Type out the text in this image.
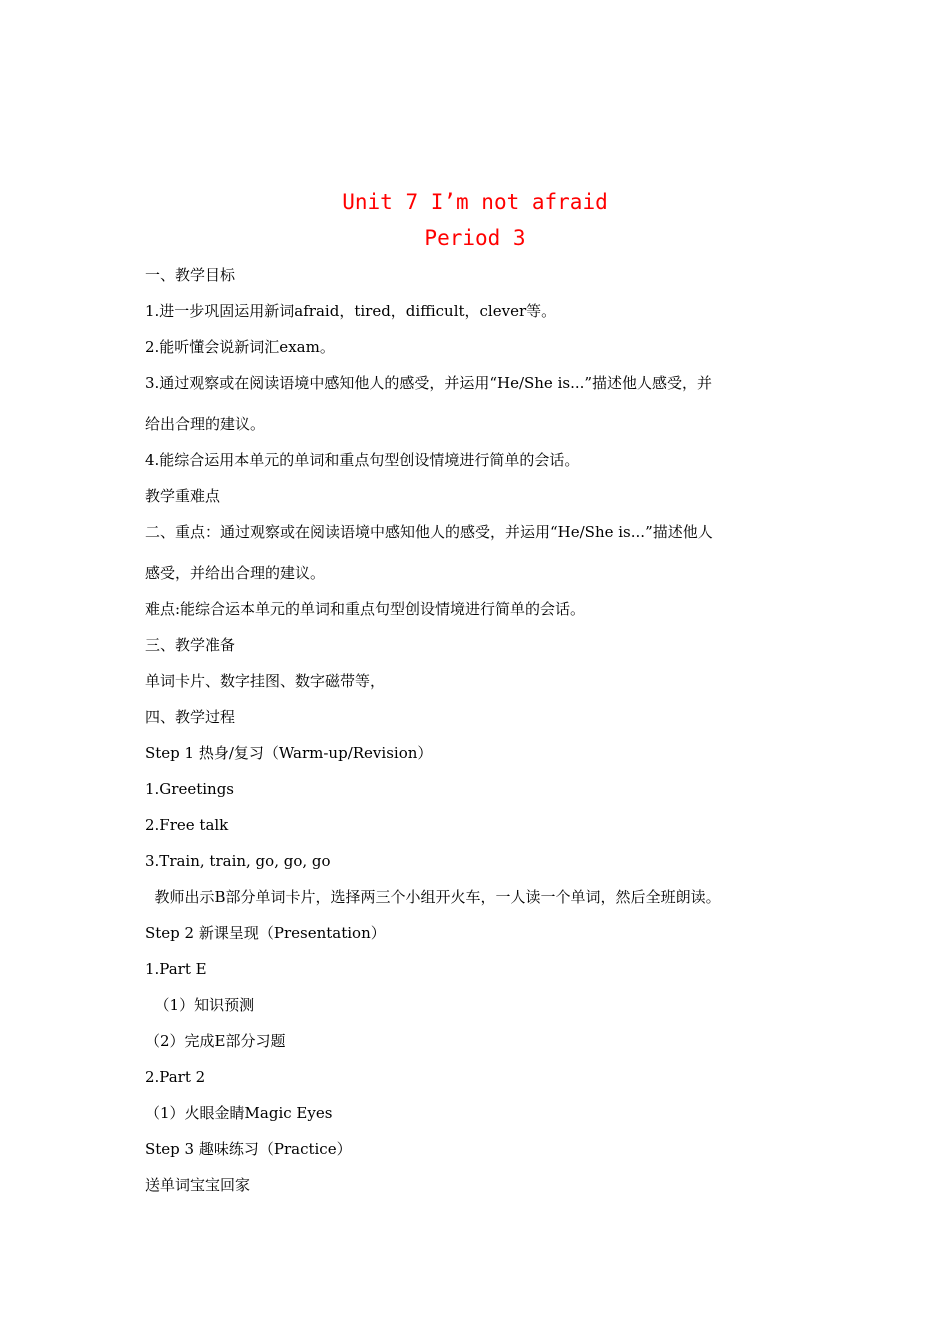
Unit 7 I’m not afraid
Period 3
一、教学目标
1.进一步巩固运用新词afraid，tired，difficult，clever等。
2.能听懂会说新词汇exam。
3.通过观察或在阅读语境中感知他人的感受，并运用“He/She is...”描述他人感受，并
给出合理的建议。
4.能综合运用本单元的单词和重点句型创设情境进行简单的会话。
教学重难点
二、重点：通过观察或在阅读语境中感知他人的感受，并运用“He/She is...”描述他人
感受，并给出合理的建议。
难点:能综合运本单元的单词和重点句型创设情境进行简单的会话。
三、教学准备
单词卡片、数字挂图、数字磁带等，
四、教学过程
Step 1 热身/复习（Warm-up/Revision）
1.Greetings
2.Free talk
3.Train, train, go, go, go
教师出示B部分单词卡片，选择两三个小组开火车，一人读一个单词，然后全班朗读。
Step 2 新课呈现（Presentation）
1.Part E
（1）知识预测
（2）完成E部分习题
2.Part 2
（1）火眼金睛Magic Eyes
Step 3 趣味练习（Practice）
送单词宝宝回家
